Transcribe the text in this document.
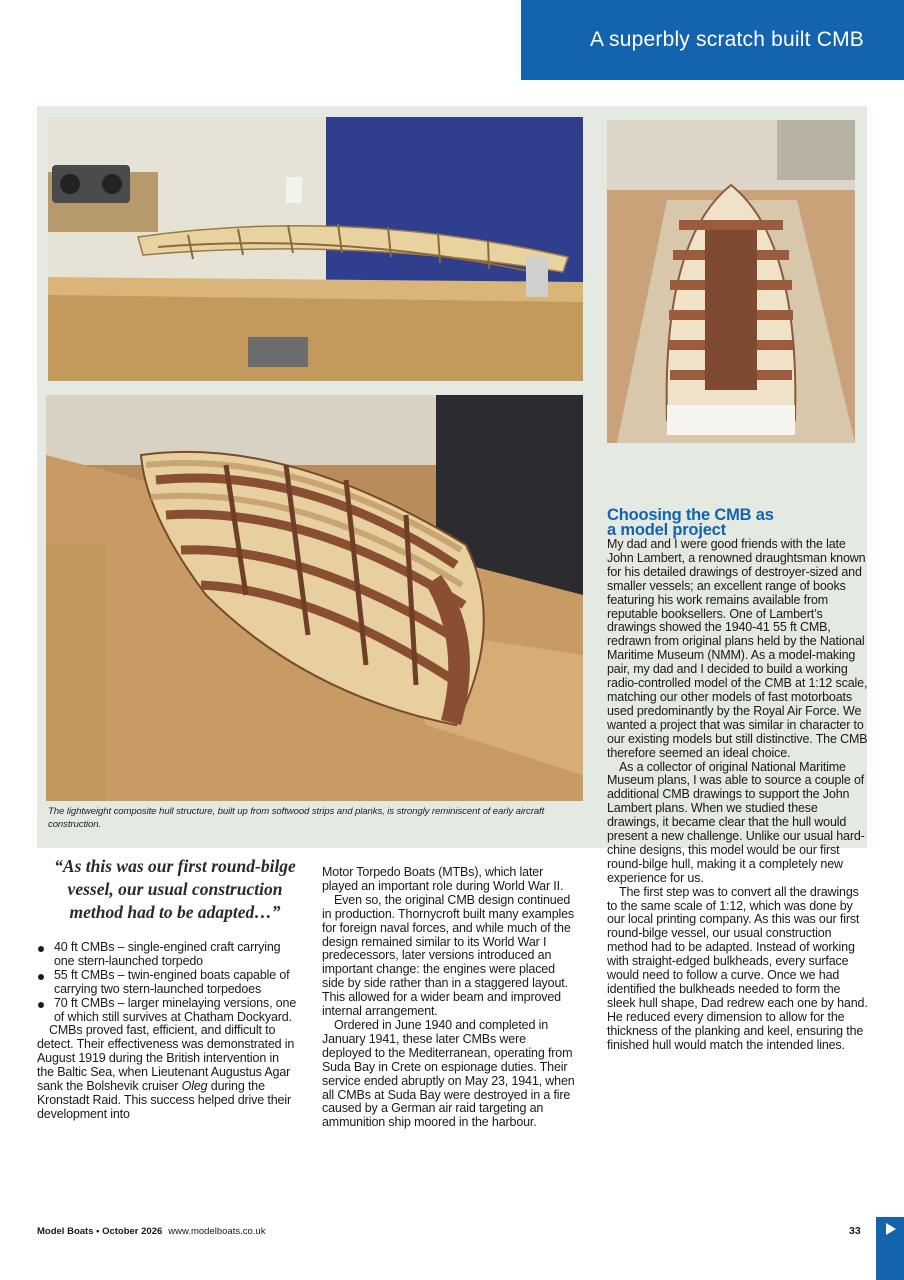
A superbly scratch built CMB
The lightweight composite hull structure, built up from softwood strips and planks, is strongly reminiscent of early aircraft construction.
“As this was our first round-bilge vessel, our usual construction method had to be adapted…”
40 ft CMBs – single-engined craft carrying one stern-launched torpedo
55 ft CMBs – twin-engined boats capable of carrying two stern-launched torpedoes
70 ft CMBs – larger minelaying versions, one of which still survives at Chatham Dockyard.

CMBs proved fast, efficient, and difficult to detect. Their effectiveness was demonstrated in August 1919 during the British intervention in the Baltic Sea, when Lieutenant Augustus Agar sank the Bolshevik cruiser Oleg during the Kronstadt Raid. This success helped drive their development into

Motor Torpedo Boats (MTBs), which later played an important role during World War II.

Even so, the original CMB design continued in production. Thornycroft built many examples for foreign naval forces, and while much of the design remained similar to its World War I predecessors, later versions introduced an important change: the engines were placed side by side rather than in a staggered layout. This allowed for a wider beam and improved internal arrangement.

Ordered in June 1940 and completed in January 1941, these later CMBs were deployed to the Mediterranean, operating from Suda Bay in Crete on espionage duties. Their service ended abruptly on May 23, 1941, when all CMBs at Suda Bay were destroyed in a fire caused by a German air raid targeting an ammunition ship moored in the harbour.

Choosing the CMB as
a model project

My dad and I were good friends with the late John Lambert, a renowned draughtsman known for his detailed drawings of destroyer-sized and smaller vessels; an excellent range of books featuring his work remains available from reputable booksellers. One of Lambert’s drawings showed the 1940-41 55 ft CMB, redrawn from original plans held by the National Maritime Museum (NMM). As a model-making pair, my dad and I decided to build a working radio-controlled model of the CMB at 1:12 scale, matching our other models of fast motorboats used predominantly by the Royal Air Force. We wanted a project that was similar in character to our existing models but still distinctive. The CMB therefore seemed an ideal choice.

As a collector of original National Maritime Museum plans, I was able to source a couple of additional CMB drawings to support the John Lambert plans. When we studied these drawings, it became clear that the hull would present a new challenge. Unlike our usual hard-chine designs, this model would be our first round-bilge hull, making it a completely new experience for us.

The first step was to convert all the drawings to the same scale of 1:12, which was done by our local printing company. As this was our first round-bilge vessel, our usual construction method had to be adapted. Instead of working with straight-edged bulkheads, every surface would need to follow a curve. Once we had identified the bulkheads needed to form the sleek hull shape, Dad redrew each one by hand. He reduced every dimension to allow for the thickness of the planking and keel, ensuring the finished hull would match the intended lines.

Model Boats • October 2026 www.modelboats.co.uk	33
